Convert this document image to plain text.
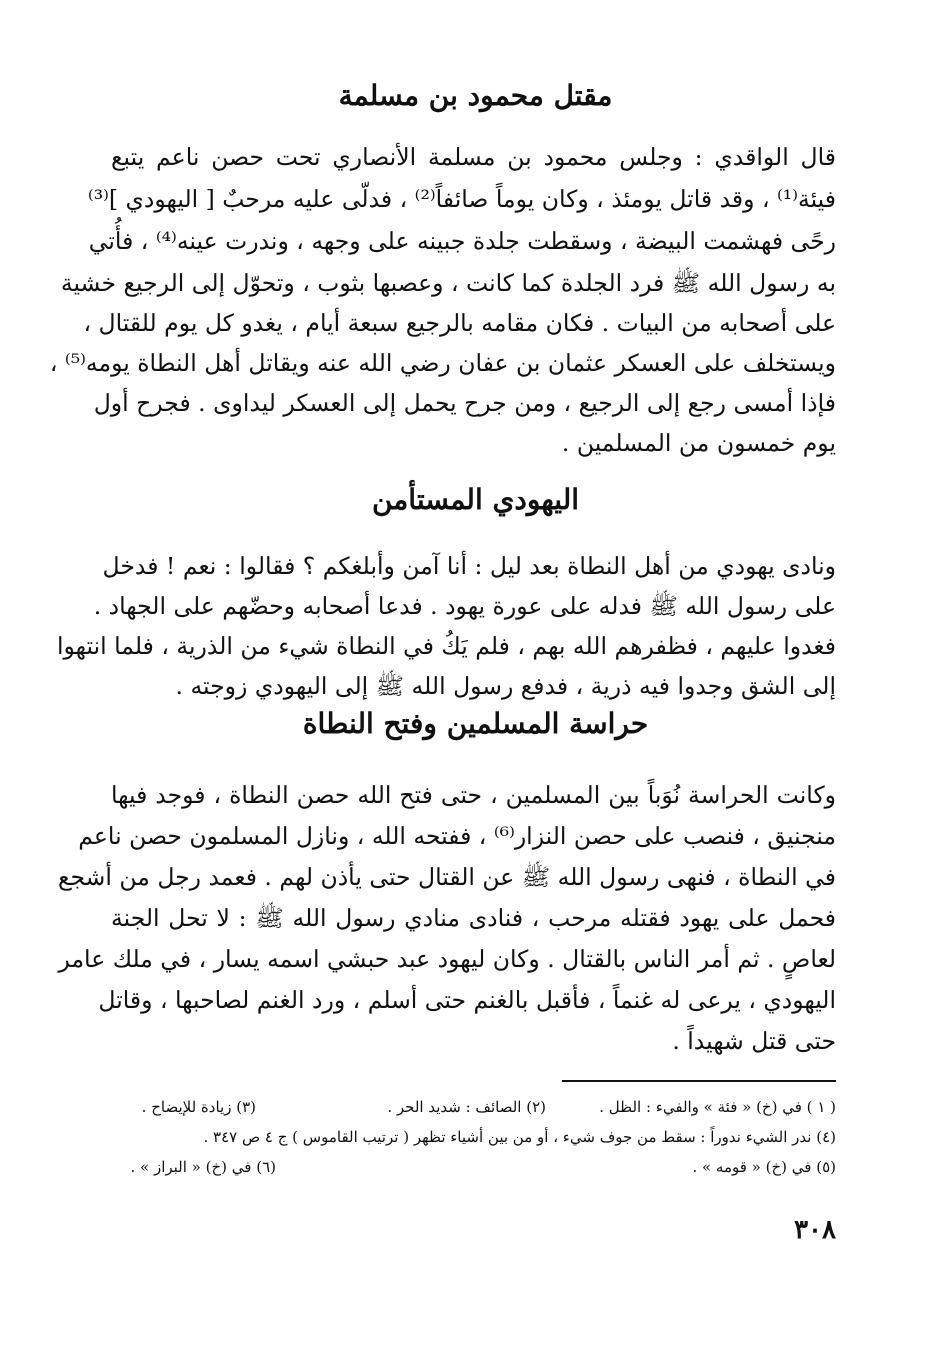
مقتل محمود بن مسلمة
قال الواقدي : وجلس محمود بن مسلمة الأنصاري تحت حصن ناعم يتبع
فيئة⁽¹⁾ ، وقد قاتل يومئذ ، وكان يوماً صائفاً⁽²⁾ ، فدلّى عليه مرحبٌ [ اليهودي ]⁽³⁾
رحًى فهشمت البيضة ، وسقطت جلدة جبينه على وجهه ، وندرت عينه⁽⁴⁾ ، فأُتي
به رسول الله ﷺ فرد الجلدة كما كانت ، وعصبها بثوب ، وتحوّل إلى الرجيع خشية
على أصحابه من البيات . فكان مقامه بالرجيع سبعة أيام ، يغدو كل يوم للقتال ،
ويستخلف على العسكر عثمان بن عفان رضي الله عنه ويقاتل أهل النطاة يومه⁽⁵⁾ ،
فإذا أمسى رجع إلى الرجيع ، ومن جرح يحمل إلى العسكر ليداوى . فجرح أول
يوم خمسون من المسلمين .
اليهودي المستأمن
ونادى يهودي من أهل النطاة بعد ليل : أنا آمن وأبلغكم ؟ فقالوا : نعم ! فدخل
على رسول الله ﷺ فدله على عورة يهود . فدعا أصحابه وحضّهم على الجهاد .
فغدوا عليهم ، فظفرهم الله بهم ، فلم يَكُ في النطاة شيء من الذرية ، فلما انتهوا
إلى الشق وجدوا فيه ذرية ، فدفع رسول الله ﷺ إلى اليهودي زوجته .
حراسة المسلمين وفتح النطاة
وكانت الحراسة نُوَباً بين المسلمين ، حتى فتح الله حصن النطاة ، فوجد فيها
منجنيق ، فنصب على حصن النزار⁽⁶⁾ ، ففتحه الله ، ونازل المسلمون حصن ناعم
في النطاة ، فنهى رسول الله ﷺ عن القتال حتى يأذن لهم . فعمد رجل من أشجع
فحمل على يهود فقتله مرحب ، فنادى منادي رسول الله ﷺ : لا تحل الجنة
لعاصٍ . ثم أمر الناس بالقتال . وكان ليهود عبد حبشي اسمه يسار ، في ملك عامر
اليهودي ، يرعى له غنماً ، فأقبل بالغنم حتى أسلم ، ورد الغنم لصاحبها ، وقاتل
حتى قتل شهيداً .
( ١ ) في (خ) « فئة » والفيء : الظل .
(٢) الصائف : شديد الحر .
(٣) زيادة للإيضاح .
(٤) ندر الشيء ندوراً : سقط من جوف شيء ، أو من بين أشياء تظهر ( ترتيب القاموس ) ج ٤ ص ٣٤٧ .
(٥) في (خ) « قومه » .
(٦) في (خ) « البراز » .
٣٠٨
